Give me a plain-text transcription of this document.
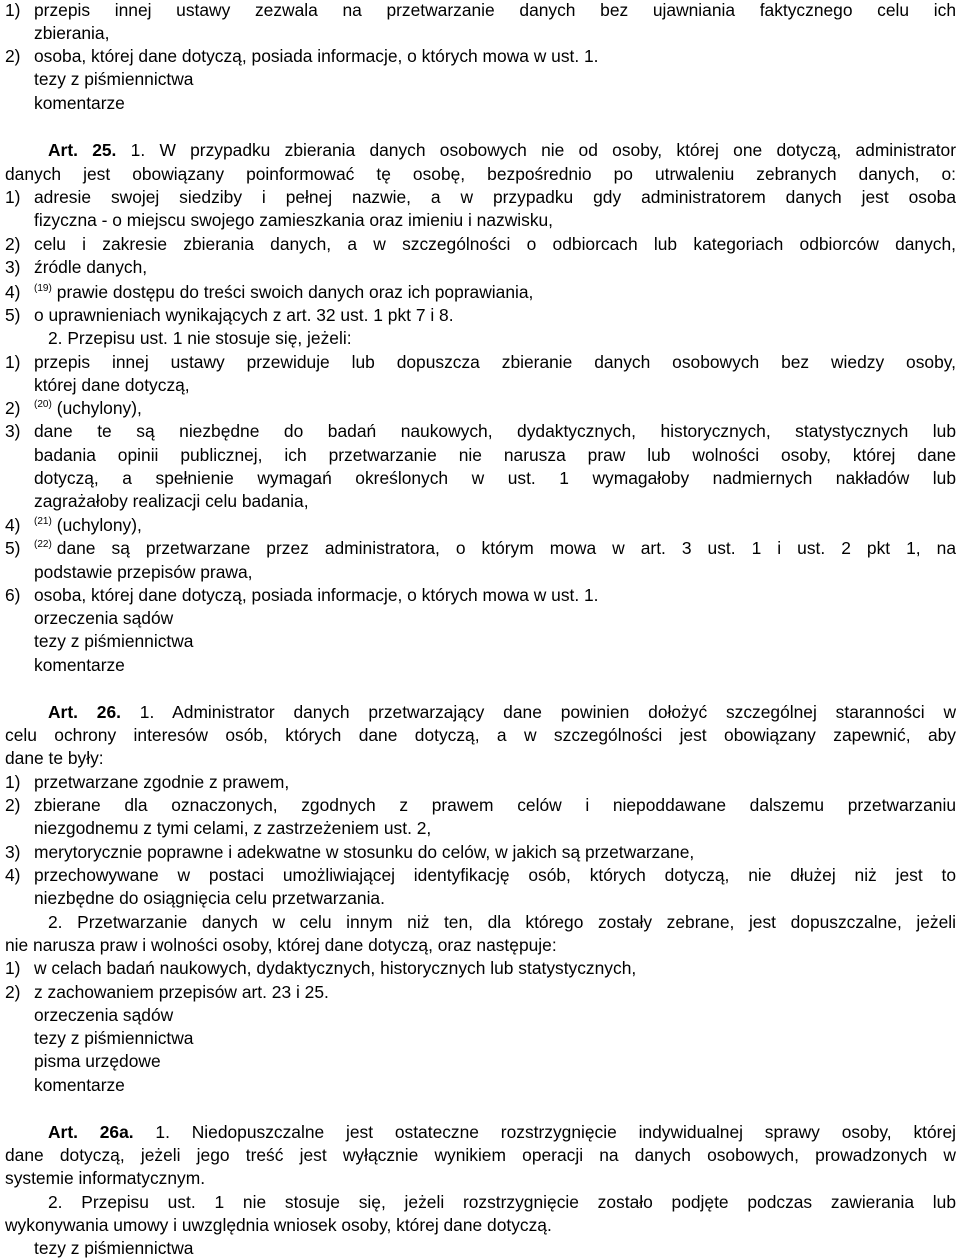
1)przepis innej ustawy zezwala na przetwarzanie danych bez ujawniania faktycznego celu ich
zbierania,
2)osoba, której dane dotyczą, posiada informacje, o których mowa w ust. 1.
tezy z piśmiennictwa
komentarze
Art. 25. 1. W przypadku zbierania danych osobowych nie od osoby, której one dotyczą, administrator
danych jest obowiązany poinformować tę osobę, bezpośrednio po utrwaleniu zebranych danych, o:
1)adresie swojej siedziby i pełnej nazwie, a w przypadku gdy administratorem danych jest osoba
fizyczna - o miejscu swojego zamieszkania oraz imieniu i nazwisku,
2)celu i zakresie zbierania danych, a w szczególności o odbiorcach lub kategoriach odbiorców danych,
3)źródle danych,
4)$^{(19)}$ prawie dostępu do treści swoich danych oraz ich poprawiania,
5)o uprawnieniach wynikających z art. 32 ust. 1 pkt 7 i 8.
2. Przepisu ust. 1 nie stosuje się, jeżeli:
1)przepis innej ustawy przewiduje lub dopuszcza zbieranie danych osobowych bez wiedzy osoby,
której dane dotyczą,
2)$^{(20)}$ (uchylony),
3)dane te są niezbędne do badań naukowych, dydaktycznych, historycznych, statystycznych lub
badania opinii publicznej, ich przetwarzanie nie narusza praw lub wolności osoby, której dane
dotyczą, a spełnienie wymagań określonych w ust. 1 wymagałoby nadmiernych nakładów lub
zagrażałoby realizacji celu badania,
4)$^{(21)}$ (uchylony),
5)$^{(22)}$ dane są przetwarzane przez administratora, o którym mowa w art. 3 ust. 1 i ust. 2 pkt 1, na
podstawie przepisów prawa,
6)osoba, której dane dotyczą, posiada informacje, o których mowa w ust. 1.
orzeczenia sądów
tezy z piśmiennictwa
komentarze
Art. 26. 1. Administrator danych przetwarzający dane powinien dołożyć szczególnej staranności w
celu ochrony interesów osób, których dane dotyczą, a w szczególności jest obowiązany zapewnić, aby
dane te były:
1)przetwarzane zgodnie z prawem,
2)zbierane dla oznaczonych, zgodnych z prawem celów i niepoddawane dalszemu przetwarzaniu
niezgodnemu z tymi celami, z zastrzeżeniem ust. 2,
3)merytorycznie poprawne i adekwatne w stosunku do celów, w jakich są przetwarzane,
4)przechowywane w postaci umożliwiającej identyfikację osób, których dotyczą, nie dłużej niż jest to
niezbędne do osiągnięcia celu przetwarzania.
2. Przetwarzanie danych w celu innym niż ten, dla którego zostały zebrane, jest dopuszczalne, jeżeli
nie narusza praw i wolności osoby, której dane dotyczą, oraz następuje:
1)w celach badań naukowych, dydaktycznych, historycznych lub statystycznych,
2)z zachowaniem przepisów art. 23 i 25.
orzeczenia sądów
tezy z piśmiennictwa
pisma urzędowe
komentarze
Art. 26a. 1. Niedopuszczalne jest ostateczne rozstrzygnięcie indywidualnej sprawy osoby, której
dane dotyczą, jeżeli jego treść jest wyłącznie wynikiem operacji na danych osobowych, prowadzonych w
systemie informatycznym.
2. Przepisu ust. 1 nie stosuje się, jeżeli rozstrzygnięcie zostało podjęte podczas zawierania lub
wykonywania umowy i uwzględnia wniosek osoby, której dane dotyczą.
tezy z piśmiennictwa
